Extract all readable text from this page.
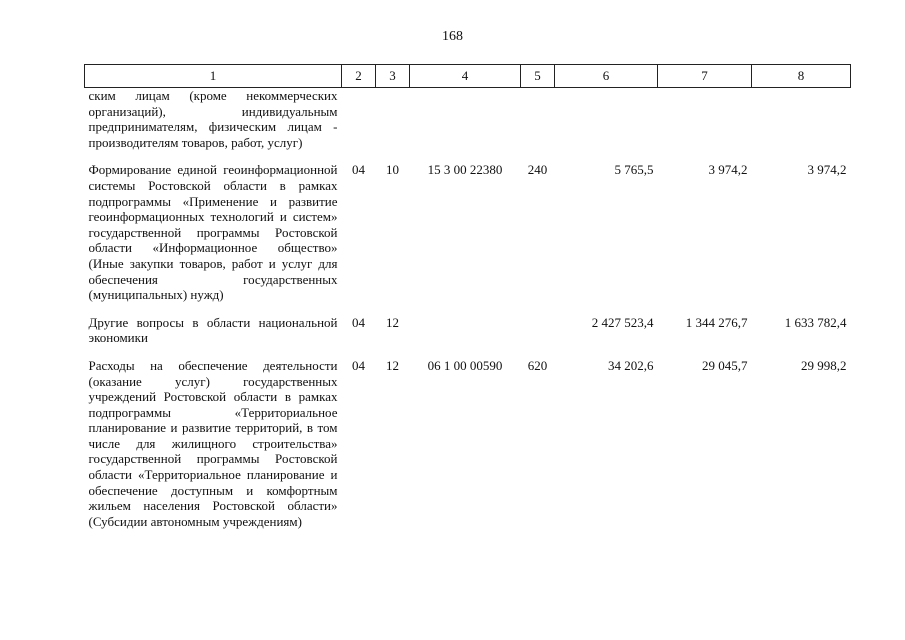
168
1	2	3	4	5	6	7	8
ским лицам (кроме некоммерческих организаций), индивидуальным предпринимателям, физическим лицам - производителям товаров, работ, услуг)							
Формирование единой геоинформационной системы Ростовской области в рамках подпрограммы «Применение и развитие геоинформационных технологий и систем» государственной программы Ростовской области «Информационное общество» (Иные закупки товаров, работ и услуг для обеспечения государственных (муниципальных) нужд)	04	10	15 3 00 22380	240	5 765,5	3 974,2	3 974,2
Другие вопросы в области национальной экономики	04	12			2 427 523,4	1 344 276,7	1 633 782,4
Расходы на обеспечение деятельности (оказание услуг) государственных учреждений Ростовской области в рамках подпрограммы «Территориальное планирование и развитие территорий, в том числе для жилищного строительства» государственной программы Ростовской области «Территориальное планирование и обеспечение доступным и комфортным жильем населения Ростовской области» (Субсидии автономным учреждениям)	04	12	06 1 00 00590	620	34 202,6	29 045,7	29 998,2
